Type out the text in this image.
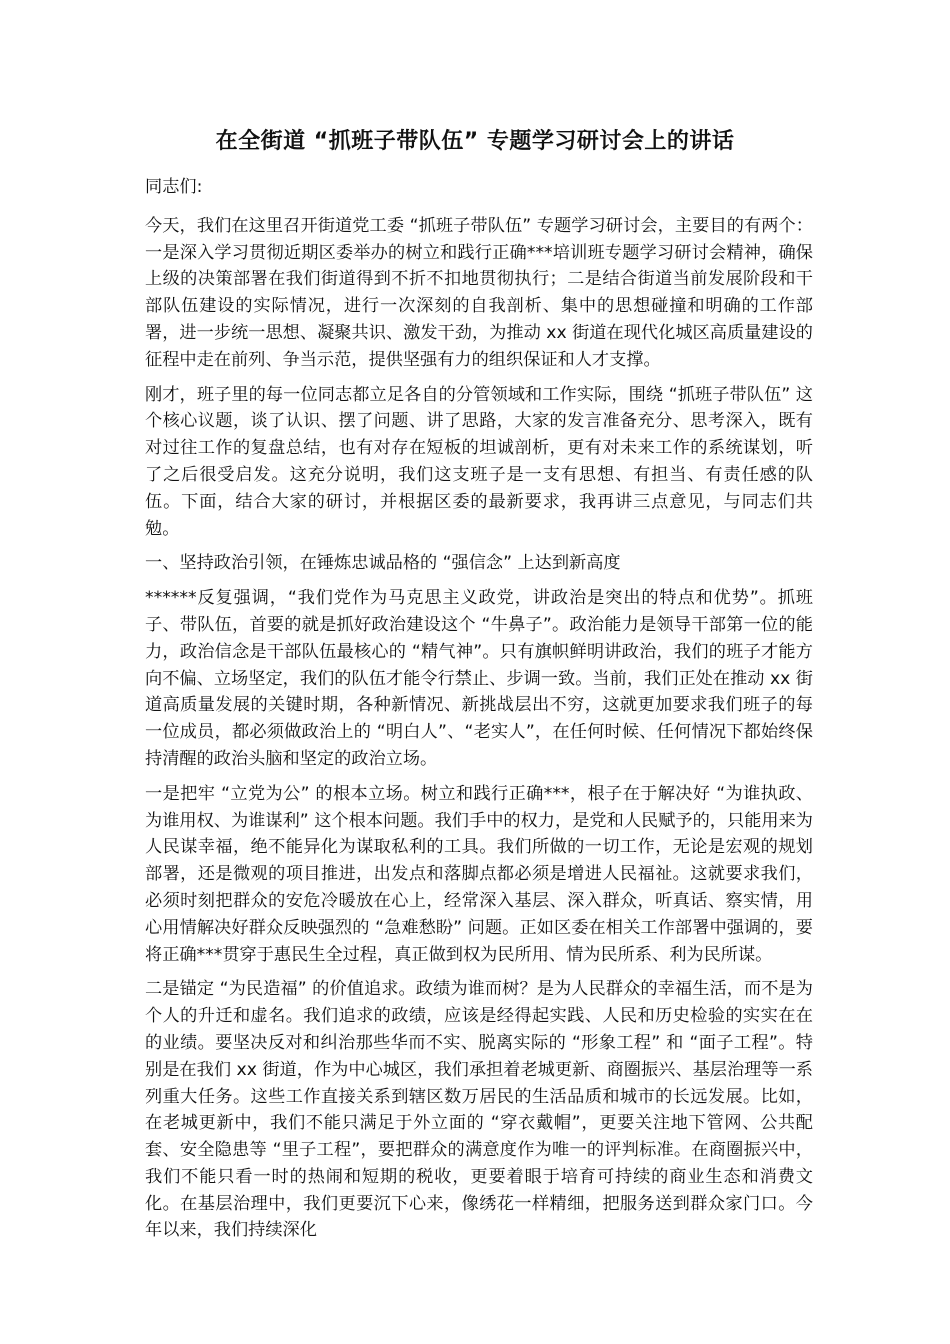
在全街道 “抓班子带队伍” 专题学习研讨会上的讲话

同志们:

今天，我们在这里召开街道党工委 “抓班子带队伍” 专题学习研讨会，主要目的有两个：一是深入学习贯彻近期区委举办的树立和践行正确***培训班专题学习研讨会精神，确保上级的决策部署在我们街道得到不折不扣地贯彻执行；二是结合街道当前发展阶段和干部队伍建设的实际情况，进行一次深刻的自我剖析、集中的思想碰撞和明确的工作部署，进一步统一思想、凝聚共识、激发干劲，为推动 xx 街道在现代化城区高质量建设的征程中走在前列、争当示范，提供坚强有力的组织保证和人才支撑。

刚才，班子里的每一位同志都立足各自的分管领域和工作实际，围绕 “抓班子带队伍” 这个核心议题，谈了认识、摆了问题、讲了思路，大家的发言准备充分、思考深入，既有对过往工作的复盘总结，也有对存在短板的坦诚剖析，更有对未来工作的系统谋划，听了之后很受启发。这充分说明，我们这支班子是一支有思想、有担当、有责任感的队伍。下面，结合大家的研讨，并根据区委的最新要求，我再讲三点意见，与同志们共勉。

一、坚持政治引领，在锤炼忠诚品格的 “强信念” 上达到新高度

******反复强调，“我们党作为马克思主义政党，讲政治是突出的特点和优势”。抓班子、带队伍，首要的就是抓好政治建设这个 “牛鼻子”。政治能力是领导干部第一位的能力，政治信念是干部队伍最核心的 “精气神”。只有旗帜鲜明讲政治，我们的班子才能方向不偏、立场坚定，我们的队伍才能令行禁止、步调一致。当前，我们正处在推动 xx 街道高质量发展的关键时期，各种新情况、新挑战层出不穷，这就更加要求我们班子的每一位成员，都必须做政治上的 “明白人”、“老实人”，在任何时候、任何情况下都始终保持清醒的政治头脑和坚定的政治立场。

一是把牢 “立党为公” 的根本立场。树立和践行正确***，根子在于解决好 “为谁执政、为谁用权、为谁谋利” 这个根本问题。我们手中的权力，是党和人民赋予的，只能用来为人民谋幸福，绝不能异化为谋取私利的工具。我们所做的一切工作，无论是宏观的规划部署，还是微观的项目推进，出发点和落脚点都必须是增进人民福祉。这就要求我们，必须时刻把群众的安危冷暖放在心上，经常深入基层、深入群众，听真话、察实情，用心用情解决好群众反映强烈的 “急难愁盼” 问题。正如区委在相关工作部署中强调的，要将正确***贯穿于惠民生全过程，真正做到权为民所用、情为民所系、利为民所谋。

二是锚定 “为民造福” 的价值追求。政绩为谁而树？是为人民群众的幸福生活，而不是为个人的升迁和虚名。我们追求的政绩，应该是经得起实践、人民和历史检验的实实在在的业绩。要坚决反对和纠治那些华而不实、脱离实际的 “形象工程” 和 “面子工程”。特别是在我们 xx 街道，作为中心城区，我们承担着老城更新、商圈振兴、基层治理等一系列重大任务。这些工作直接关系到辖区数万居民的生活品质和城市的长远发展。比如，在老城更新中，我们不能只满足于外立面的 “穿衣戴帽”，更要关注地下管网、公共配套、安全隐患等 “里子工程”，要把群众的满意度作为唯一的评判标准。在商圈振兴中，我们不能只看一时的热闹和短期的税收，更要着眼于培育可持续的商业生态和消费文化。在基层治理中，我们更要沉下心来，像绣花一样精细，把服务送到群众家门口。今年以来，我们持续深化
